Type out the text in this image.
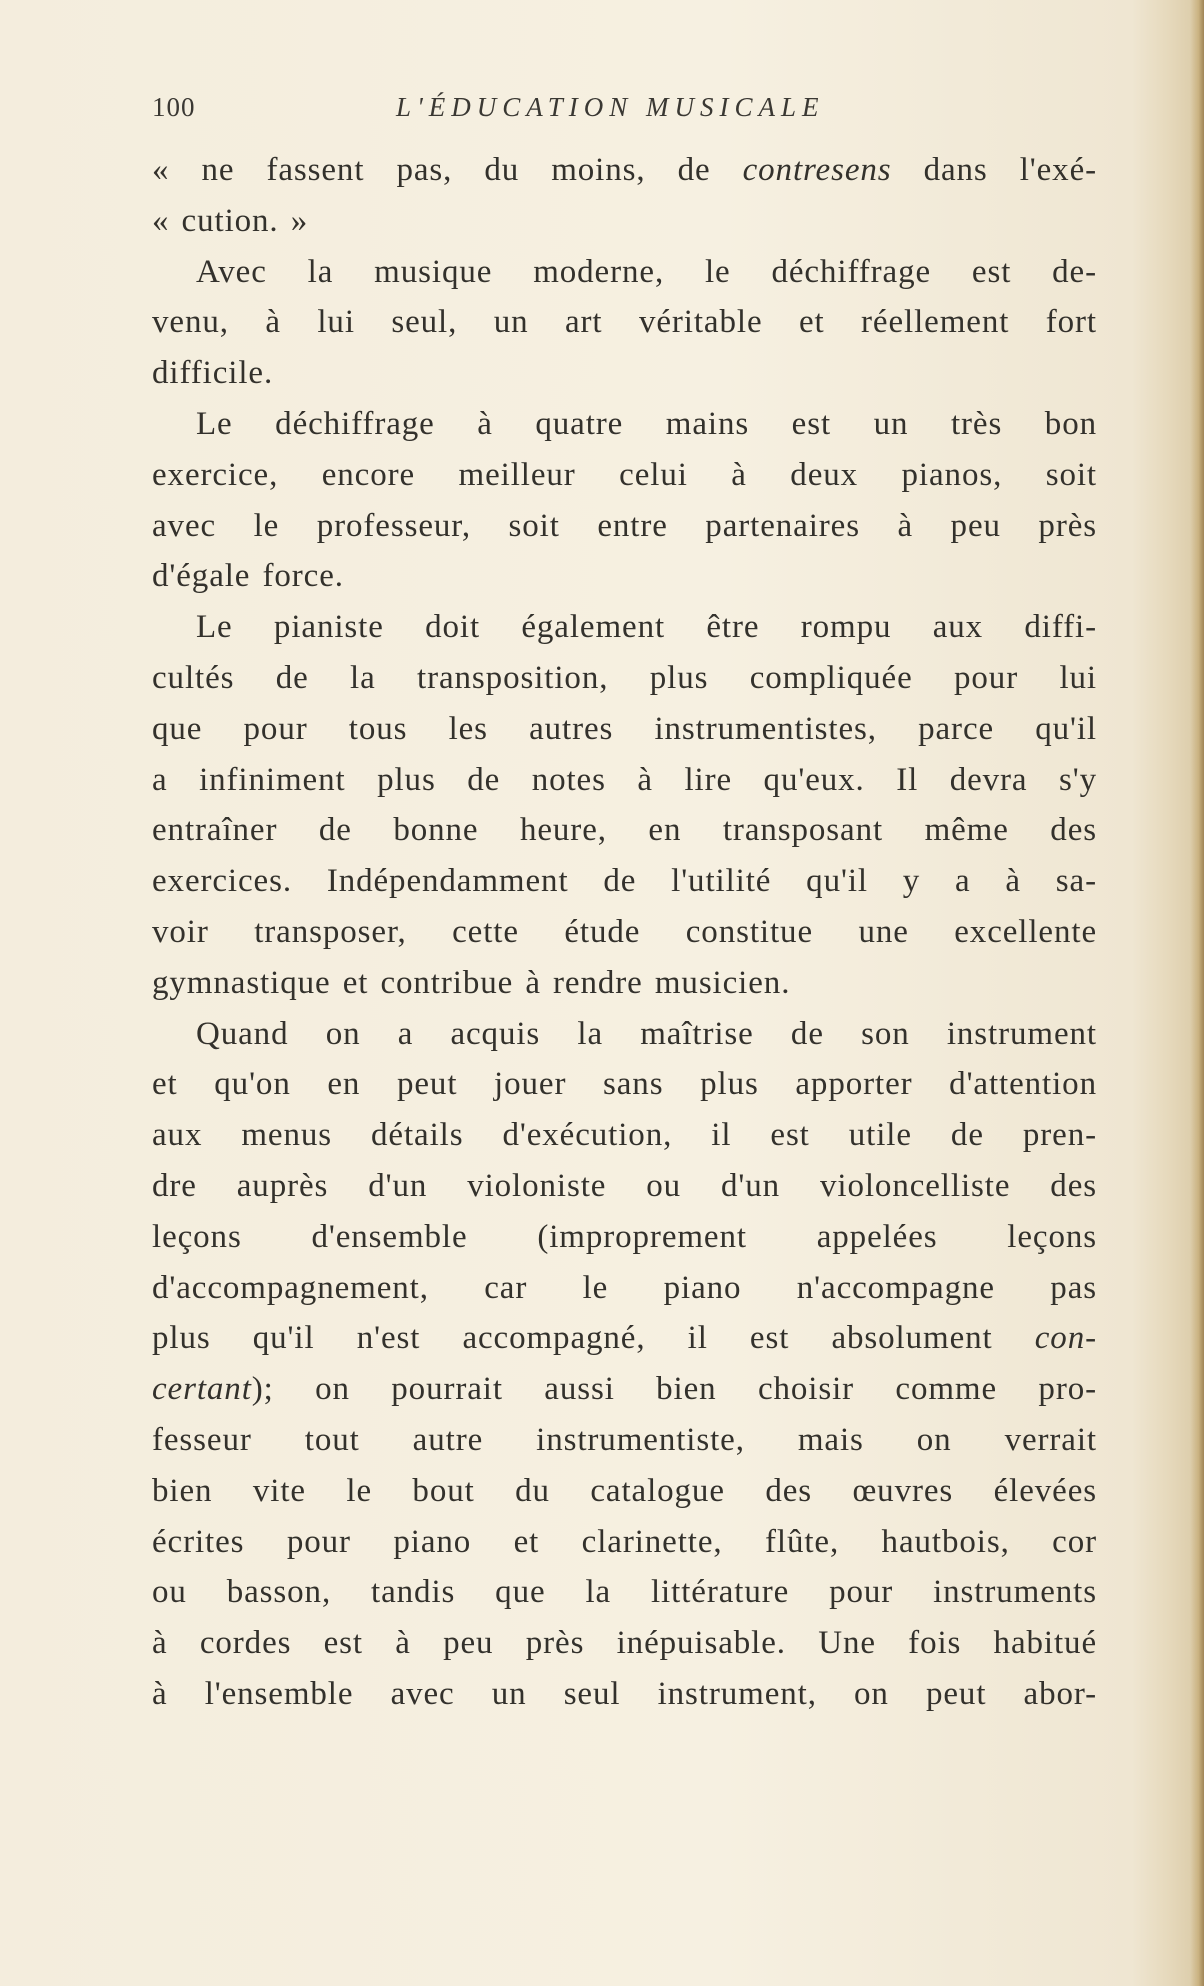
100	L'ÉDUCATION MUSICALE
« ne fassent pas, du moins, de contresens dans l'exé-
« cution. »
Avec la musique moderne, le déchiffrage est de-
venu, à lui seul, un art véritable et réellement fort
difficile.
Le déchiffrage à quatre mains est un très bon
exercice, encore meilleur celui à deux pianos, soit
avec le professeur, soit entre partenaires à peu près
d'égale force.
Le pianiste doit également être rompu aux diffi-
cultés de la transposition, plus compliquée pour lui
que pour tous les autres instrumentistes, parce qu'il
a infiniment plus de notes à lire qu'eux. Il devra s'y
entraîner de bonne heure, en transposant même des
exercices. Indépendamment de l'utilité qu'il y a à sa-
voir transposer, cette étude constitue une excellente
gymnastique et contribue à rendre musicien.
Quand on a acquis la maîtrise de son instrument
et qu'on en peut jouer sans plus apporter d'attention
aux menus détails d'exécution, il est utile de pren-
dre auprès d'un violoniste ou d'un violoncelliste des
leçons d'ensemble (improprement appelées leçons
d'accompagnement, car le piano n'accompagne pas
plus qu'il n'est accompagné, il est absolument con-
certant); on pourrait aussi bien choisir comme pro-
fesseur tout autre instrumentiste, mais on verrait
bien vite le bout du catalogue des œuvres élevées
écrites pour piano et clarinette, flûte, hautbois, cor
ou basson, tandis que la littérature pour instruments
à cordes est à peu près inépuisable. Une fois habitué
à l'ensemble avec un seul instrument, on peut abor-
